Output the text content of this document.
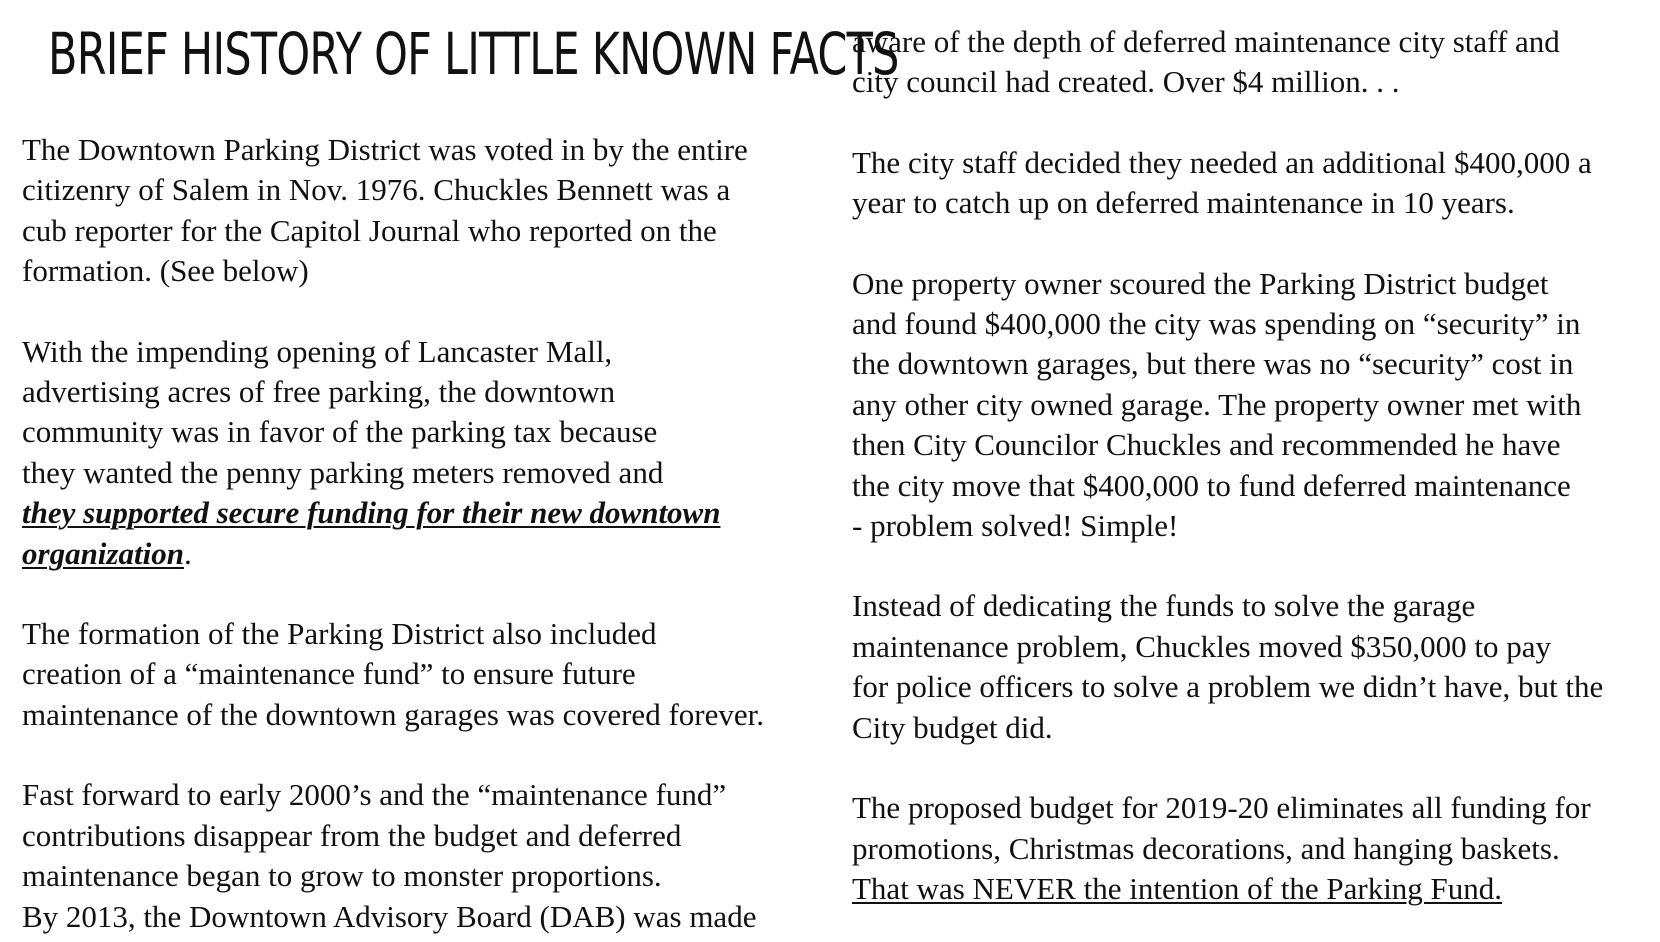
BRIEF HISTORY OF LITTLE KNOWN FACTS

The Downtown Parking District was voted in by the entire
citizenry of Salem in Nov. 1976. Chuckles Bennett was a
cub reporter for the Capitol Journal who reported on the
formation. (See below)

With the impending opening of Lancaster Mall,
advertising acres of free parking, the downtown
community was in favor of the parking tax because
they wanted the penny parking meters removed and
they supported secure funding for their new downtown
organization.

The formation of the Parking District also included
creation of a “maintenance fund” to ensure future
maintenance of the downtown garages was covered forever.

Fast forward to early 2000’s and the “maintenance fund”
contributions disappear from the budget and deferred
maintenance began to grow to monster proportions.
By 2013, the Downtown Advisory Board (DAB) was made

aware of the depth of deferred maintenance city staff and
city council had created. Over $4 million. . .

The city staff decided they needed an additional $400,000 a
year to catch up on deferred maintenance in 10 years.

One property owner scoured the Parking District budget
and found $400,000 the city was spending on “security” in
the downtown garages, but there was no “security” cost in
any other city owned garage. The property owner met with
then City Councilor Chuckles and recommended he have
the city move that $400,000 to fund deferred maintenance
- problem solved! Simple!

Instead of dedicating the funds to solve the garage
maintenance problem, Chuckles moved $350,000 to pay
for police officers to solve a problem we didn’t have, but the
City budget did.

The proposed budget for 2019-20 eliminates all funding for
promotions, Christmas decorations, and hanging baskets.
That was NEVER the intention of the Parking Fund.
